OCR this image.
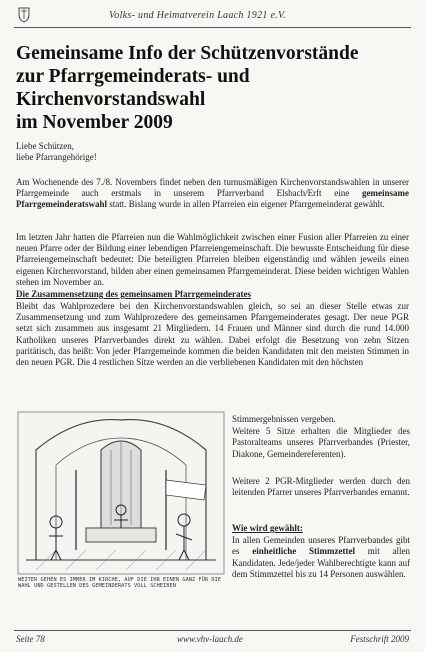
Volks- und Heimatverein Laach 1921 e.V.
Gemeinsame Info der Schützenvorstände
zur Pfarrgemeinderats- und
Kirchenvorstandswahl
im November 2009
Liebe Schützen,
liebe Pfarrangehörige!
Am Wochenende des 7./8. Novembers findet neben den turnusmäßigen Kirchenvorstandswahlen in unserer Pfarrgemeinde auch erstmals in unserem Pfarrverband Elsbach/Erft eine gemeinsame Pfarrgemeinderatswahl statt. Bislang wurde in allen Pfarreien ein eigener Pfarrgemeinderat gewählt.
Im letzten Jahr hatten die Pfarreien nun die Wahlmöglichkeit zwischen einer Fusion aller Pfarreien zu einer neuen Pfarre oder der Bildung einer lebendigen Pfarreiengemeinschaft. Die bewusste Entscheidung für diese Pfarreiengemeinschaft bedeutet: Die beteiligten Pfarreien bleiben eigenständig und wählen jeweils einen eigenen Kirchenvorstand, bilden aber einen gemeinsamen Pfarrgemeinderat. Diese beiden wichtigen Wahlen stehen im November an.
Die Zusammensetzung des gemeinsamen Pfarrgemeinderates
Bleibt das Wahlprozedere bei den Kirchenvorstandswahlen gleich, so sei an dieser Stelle etwas zur Zusammensetzung und zum Wahlprozedere des gemeinsamen Pfarrgemeinderates gesagt. Der neue PGR setzt sich zusammen aus insgesamt 21 Mitgliedern. 14 Frauen und Männer sind durch die rund 14.000 Katholiken unseres Pfarrverbandes direkt zu wählen. Dabei erfolgt die Besetzung von zehn Sitzen paritätisch, das heißt: Von jeder Pfarrgemeinde kommen die beiden Kandidaten mit den meisten Stimmen in den neuen PGR. Die 4 restlichen Sitze werden an die verbliebenen Kandidaten mit den höchsten
WEITER GEHEN ES IMMER IM KIRCHE, AUF DIE IHR EINEN GANZ FÜR DIE WAHL UND GESTELLEN DES GEMEINDERATS VOLL SCHEIBEN
Stimmergebnissen vergeben.
Weitere 5 Sitze erhalten die Mitglieder des Pastoralteams unseres Pfarrverbandes (Priester, Diakone, Gemeindereferenten).
Weitere 2 PGR-Mitglieder werden durch den leitenden Pfarrer unseres Pfarrverbandes ernannt.
Wie wird gewählt:
In allen Gemeinden unseres Pfarrverbandes gibt es einheitliche Stimmzettel mit allen Kandidaten. Jede/jeder Wahlberechtigte kann auf dem Stimmzettel bis zu 14 Personen auswählen.
Seite 78	www.vhv-laach.de	Festschrift 2009
